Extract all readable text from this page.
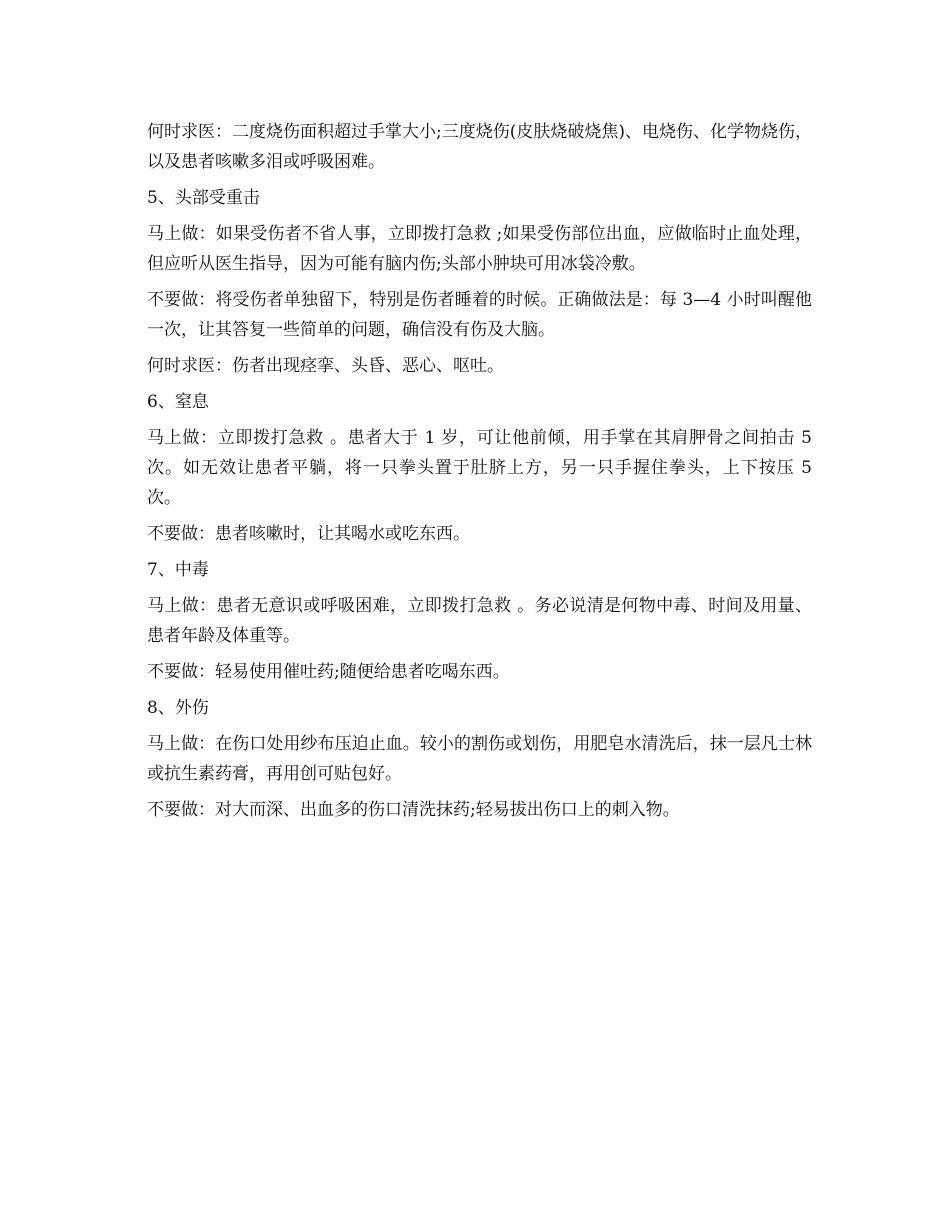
何时求医：二度烧伤面积超过手掌大小;三度烧伤(皮肤烧破烧焦)、电烧伤、化学物烧伤，以及患者咳嗽多泪或呼吸困难。

5、头部受重击

马上做：如果受伤者不省人事，立即拨打急救 ;如果受伤部位出血，应做临时止血处理，但应听从医生指导，因为可能有脑内伤;头部小肿块可用冰袋冷敷。

不要做：将受伤者单独留下，特别是伤者睡着的时候。正确做法是：每 3—4 小时叫醒他一次，让其答复一些简单的问题，确信没有伤及大脑。

何时求医：伤者出现痉挛、头昏、恶心、呕吐。

6、窒息

马上做：立即拨打急救 。患者大于 1 岁，可让他前倾，用手掌在其肩胛骨之间拍击 5 次。如无效让患者平躺，将一只拳头置于肚脐上方，另一只手握住拳头，上下按压 5 次。

不要做：患者咳嗽时，让其喝水或吃东西。

7、中毒

马上做：患者无意识或呼吸困难，立即拨打急救 。务必说清是何物中毒、时间及用量、患者年龄及体重等。

不要做：轻易使用催吐药;随便给患者吃喝东西。

8、外伤

马上做：在伤口处用纱布压迫止血。较小的割伤或划伤，用肥皂水清洗后，抹一层凡士林或抗生素药膏，再用创可贴包好。

不要做：对大而深、出血多的伤口清洗抹药;轻易拔出伤口上的刺入物。
